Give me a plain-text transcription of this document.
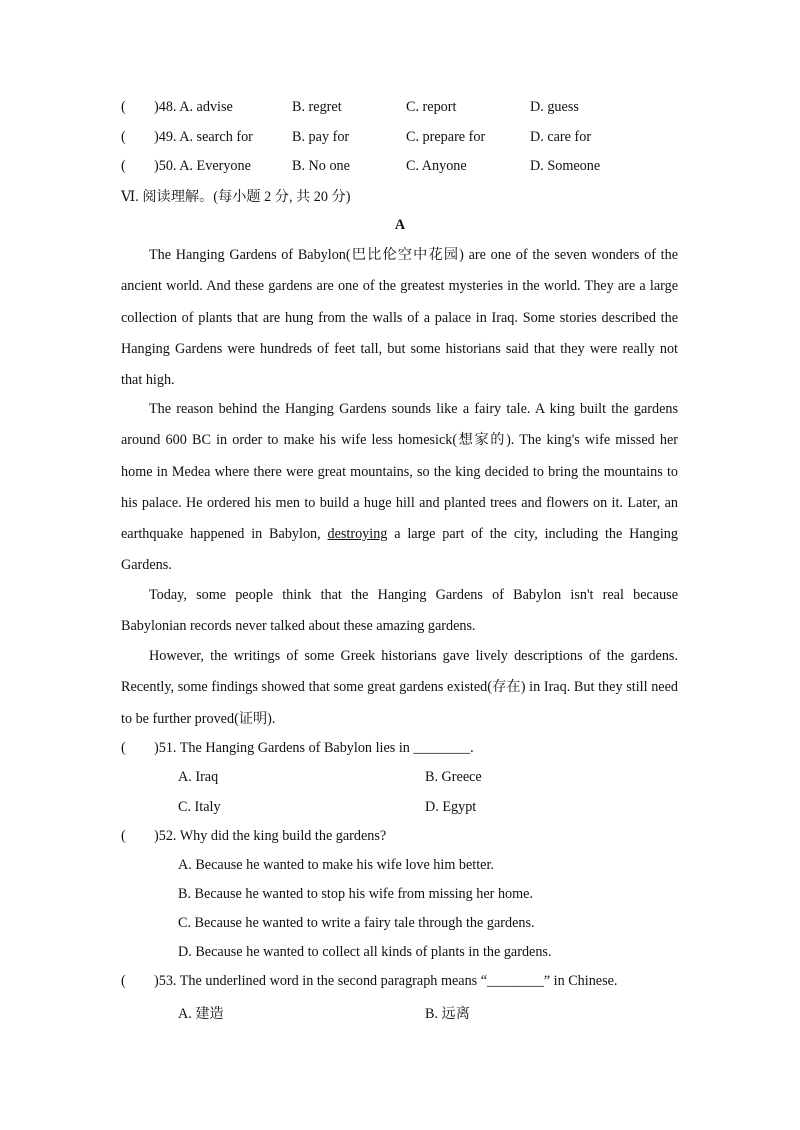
( )48. A. advise	B. regret	C. report	D. guess
( )49. A. search for	B. pay for	C. prepare for	D. care for
( )50. A. Everyone	B. No one	C. Anyone	D. Someone
Ⅵ. 阅读理解。(每小题 2 分, 共 20 分)
A

The Hanging Gardens of Babylon(巴比伦空中花园) are one of the seven wonders of the ancient world. And these gardens are one of the greatest mysteries in the world. They are a large collection of plants that are hung from the walls of a palace in Iraq. Some stories described the Hanging Gardens were hundreds of feet tall, but some historians said that they were really not that high.

The reason behind the Hanging Gardens sounds like a fairy tale. A king built the gardens around 600 BC in order to make his wife less homesick(想家的). The king's wife missed her home in Medea where there were great mountains, so the king decided to bring the mountains to his palace. He ordered his men to build a huge hill and planted trees and flowers on it. Later, an earthquake happened in Babylon, destroying a large part of the city, including the Hanging Gardens.

Today, some people think that the Hanging Gardens of Babylon isn't real because Babylonian records never talked about these amazing gardens.

However, the writings of some Greek historians gave lively descriptions of the gardens. Recently, some findings showed that some great gardens existed(存在) in Iraq. But they still need to be further proved(证明).

( )51. The Hanging Gardens of Babylon lies in ________.
A. Iraq	B. Greece
C. Italy	D. Egypt
( )52. Why did the king build the gardens?
A. Because he wanted to make his wife love him better.
B. Because he wanted to stop his wife from missing her home.
C. Because he wanted to write a fairy tale through the gardens.
D. Because he wanted to collect all kinds of plants in the gardens.
( )53. The underlined word in the second paragraph means “________” in Chinese.
A. 建造	B. 远离
